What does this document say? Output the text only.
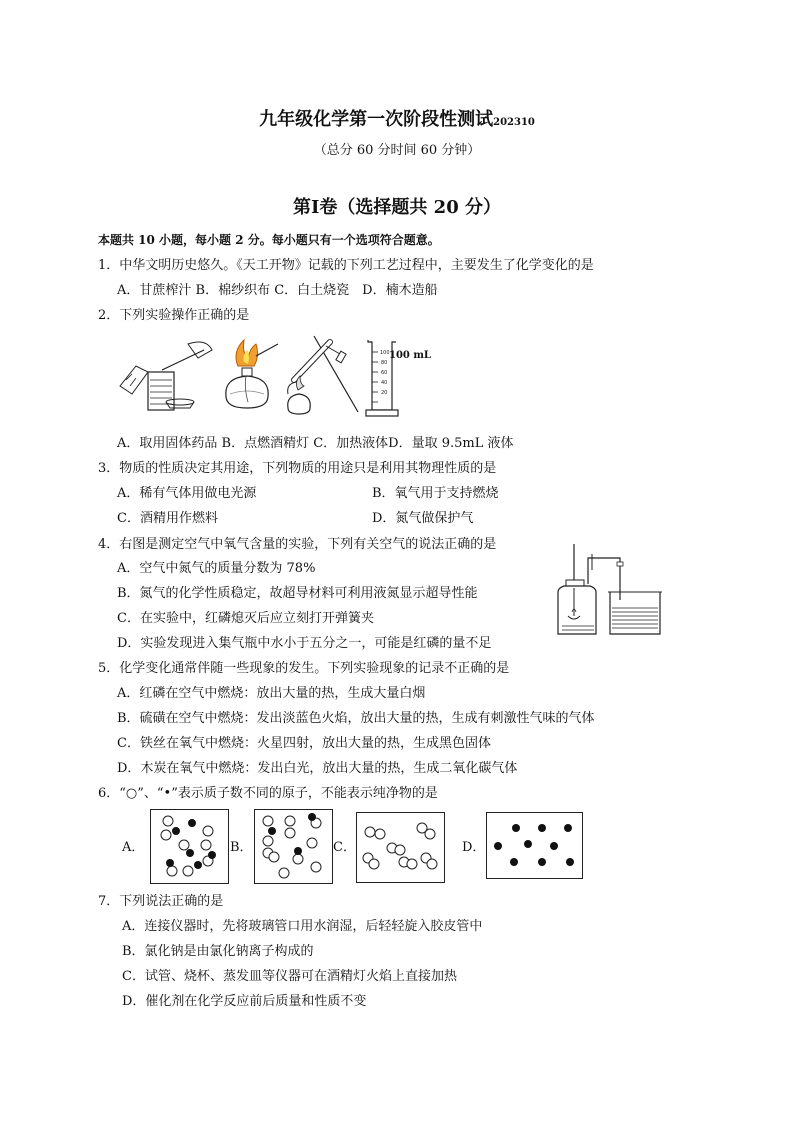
九年级化学第一次阶段性测试202310
（总分 60 分时间 60 分钟）
第Ⅰ卷（选择题共 20 分）
本题共 10 小题，每小题 2 分。每小题只有一个选项符合题意。
1．中华文明历史悠久。《天工开物》记载的下列工艺过程中，主要发生了化学变化的是
A．甘蔗榨汁 B．棉纱织布 C．白土烧瓷　D．楠木造船
2．下列实验操作正确的是
100
80
60
40
20
100 mL
A．取用固体药品 B．点燃酒精灯 C．加热液体D．量取 9.5mL 液体
3．物质的性质决定其用途，下列物质的用途只是利用其物理性质的是
A．稀有气体用做电光源	B．氧气用于支持燃烧
C．酒精用作燃料	D．氮气做保护气
4．右图是测定空气中氧气含量的实验，下列有关空气的说法正确的是
A．空气中氮气的质量分数为 78%
B．氮气的化学性质稳定，故超导材料可利用液氮显示超导性能
C．在实验中，红磷熄灭后应立刻打开弹簧夹
D．实验发现进入集气瓶中水小于五分之一，可能是红磷的量不足
5．化学变化通常伴随一些现象的发生。下列实验现象的记录不正确的是
A．红磷在空气中燃烧：放出大量的热，生成大量白烟
B．硫磺在空气中燃烧：发出淡蓝色火焰，放出大量的热，生成有刺激性气味的气体
C．铁丝在氧气中燃烧：火星四射，放出大量的热，生成黑色固体
D．木炭在氧气中燃烧：发出白光，放出大量的热，生成二氧化碳气体
6．“○”、“•”表示质子数不同的原子，不能表示纯净物的是
A．	B．	C．	D．
7．下列说法正确的是
A．连接仪器时，先将玻璃管口用水润湿，后轻轻旋入胶皮管中
B．氯化钠是由氯化钠离子构成的
C．试管、烧杯、蒸发皿等仪器可在酒精灯火焰上直接加热
D．催化剂在化学反应前后质量和性质不变
